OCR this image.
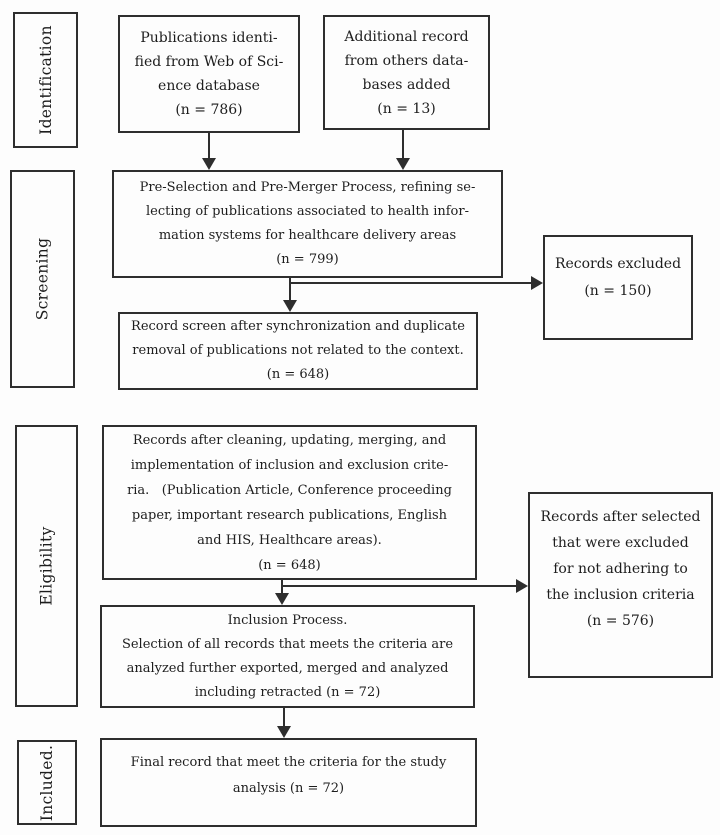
Identification
Screening
Eligibility
Included.
Publications identi-
fied from Web of Sci-
ence database
(n = 786)
Additional record
from others data-
bases added
(n = 13)
Pre-Selection and Pre-Merger Process, refining se-
lecting of publications associated to health infor-
mation systems for healthcare delivery areas
(n = 799)	Records excluded
(n = 150)
Record screen after synchronization and duplicate
removal of publications not related to the context.
(n = 648)
Records after cleaning, updating, merging, and
implementation of inclusion and exclusion crite-
ria.   (Publication Article, Conference proceeding
paper, important research publications, English
and HIS, Healthcare areas).
(n = 648)
Records after selected
that were excluded
for not adhering to
the inclusion criteria
(n = 576)
Inclusion Process.
Selection of all records that meets the criteria are
analyzed further exported, merged and analyzed
including retracted (n = 72)
Final record that meet the criteria for the study
analysis (n = 72)
